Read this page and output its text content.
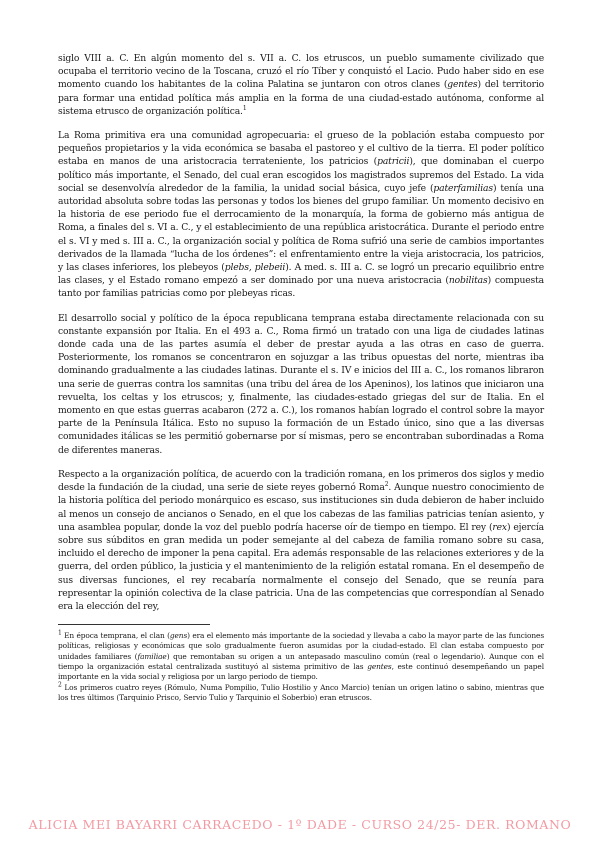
siglo VIII a. C. En algún momento del s. VII a. C. los etruscos, un pueblo sumamente civilizado que ocupaba el territorio vecino de la Toscana, cruzó el río Tíber y conquistó el Lacio. Pudo haber sido en ese momento cuando los habitantes de la colina Palatina se juntaron con otros clanes (gentes) del territorio para formar una entidad política más amplia en la forma de una ciudad-estado autónoma, conforme al sistema etrusco de organización política.$^1$

La Roma primitiva era una comunidad agropecuaria: el grueso de la población estaba compuesto por pequeños propietarios y la vida económica se basaba el pastoreo y el cultivo de la tierra. El poder político estaba en manos de una aristocracia terrateniente, los patricios (patricii), que dominaban el cuerpo político más importante, el Senado, del cual eran escogidos los magistrados supremos del Estado. La vida social se desenvolvía alrededor de la familia, la unidad social básica, cuyo jefe (paterfamilias) tenía una autoridad absoluta sobre todas las personas y todos los bienes del grupo familiar. Un momento decisivo en la historia de ese periodo fue el derrocamiento de la monarquía, la forma de gobierno más antigua de Roma, a finales del s. VI a. C., y el establecimiento de una república aristocrática. Durante el periodo entre el s. VI y med s. III a. C., la organización social y política de Roma sufrió una serie de cambios importantes derivados de la llamada “lucha de los órdenes”: el enfrentamiento entre la vieja aristocracia, los patricios, y las clases inferiores, los plebeyos (plebs, plebeii). A med. s. III a. C. se logró un precario equilibrio entre las clases, y el Estado romano empezó a ser dominado por una nueva aristocracia (nobilitas) compuesta tanto por familias patricias como por plebeyas ricas.

El desarrollo social y político de la época republicana temprana estaba directamente relacionada con su constante expansión por Italia. En el 493 a. C., Roma firmó un tratado con una liga de ciudades latinas donde cada una de las partes asumía el deber de prestar ayuda a las otras en caso de guerra. Posteriormente, los romanos se concentraron en sojuzgar a las tribus opuestas del norte, mientras iba dominando gradualmente a las ciudades latinas. Durante el s. IV e inicios del III a. C., los romanos libraron una serie de guerras contra los samnitas (una tribu del área de los Apeninos), los latinos que iniciaron una revuelta, los celtas y los etruscos; y, finalmente, las ciudades-estado griegas del sur de Italia. En el momento en que estas guerras acabaron (272 a. C.), los romanos habían logrado el control sobre la mayor parte de la Península Itálica. Esto no supuso la formación de un Estado único, sino que a las diversas comunidades itálicas se les permitió gobernarse por sí mismas, pero se encontraban subordinadas a Roma de diferentes maneras.

Respecto a la organización política, de acuerdo con la tradición romana, en los primeros dos siglos y medio desde la fundación de la ciudad, una serie de siete reyes gobernó Roma$^2$. Aunque nuestro conocimiento de la historia política del periodo monárquico es escaso, sus instituciones sin duda debieron de haber incluido al menos un consejo de ancianos o Senado, en el que los cabezas de las familias patricias tenían asiento, y una asamblea popular, donde la voz del pueblo podría hacerse oír de tiempo en tiempo. El rey (rex) ejercía sobre sus súbditos en gran medida un poder semejante al del cabeza de familia romano sobre su casa, incluido el derecho de imponer la pena capital. Era además responsable de las relaciones exteriores y de la guerra, del orden público, la justicia y el mantenimiento de la religión estatal romana. En el desempeño de sus diversas funciones, el rey recabaría normalmente el consejo del Senado, que se reunía para representar la opinión colectiva de la clase patricia. Una de las competencias que correspondían al Senado era la elección del rey,

$^1$ En época temprana, el clan (gens) era el elemento más importante de la sociedad y llevaba a cabo la mayor parte de las funciones políticas, religiosas y económicas que solo gradualmente fueron asumidas por la ciudad-estado. El clan estaba compuesto por unidades familiares (familiae) que remontaban su origen a un antepasado masculino común (real o legendario). Aunque con el tiempo la organización estatal centralizada sustituyó al sistema primitivo de las gentes, este continuó desempeñando un papel importante en la vida social y religiosa por un largo periodo de tiempo.

$^2$ Los primeros cuatro reyes (Rómulo, Numa Pompilio, Tulio Hostilio y Anco Marcio) tenían un origen latino o sabino, mientras que los tres últimos (Tarquinio Prisco, Servio Tulio y Tarquinio el Soberbio) eran etruscos.

ALICIA MEI BAYARRI CARRACEDO - 1º DADE - CURSO 24/25- DER. ROMANO
